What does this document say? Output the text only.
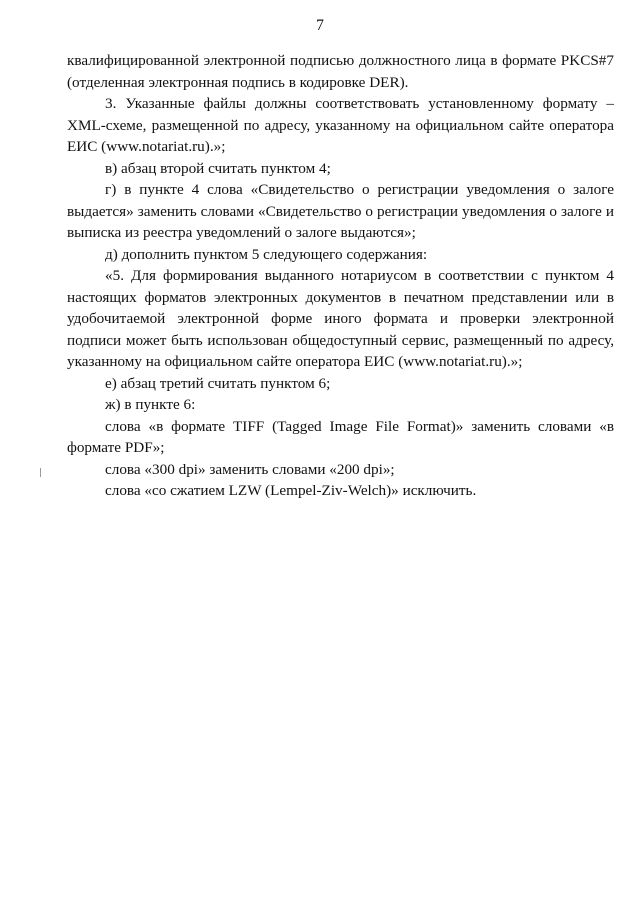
7

квалифицированной электронной подписью должностного лица в формате PKCS#7 (отделенная электронная подпись в кодировке DER).

3. Указанные файлы должны соответствовать установленному формату – XML-схеме, размещенной по адресу, указанному на официальном сайте оператора ЕИС (www.notariat.ru).»;

в) абзац второй считать пунктом 4;

г) в пункте 4 слова «Свидетельство о регистрации уведомления о залоге выдается» заменить словами «Свидетельство о регистрации уведомления о залоге и выписка из реестра уведомлений о залоге выдаются»;

д) дополнить пунктом 5 следующего содержания:

«5. Для формирования выданного нотариусом в соответствии с пунктом 4 настоящих форматов электронных документов в печатном представлении или в удобочитаемой электронной форме иного формата и проверки электронной подписи может быть использован общедоступный сервис, размещенный по адресу, указанному на официальном сайте оператора ЕИС (www.notariat.ru).»;

е) абзац третий считать пунктом 6;

ж) в пункте 6:

слова «в формате TIFF (Tagged Image File Format)» заменить словами «в формате PDF»;

слова «300 dpi» заменить словами «200 dpi»;

слова «со сжатием LZW (Lempel-Ziv-Welch)» исключить.
